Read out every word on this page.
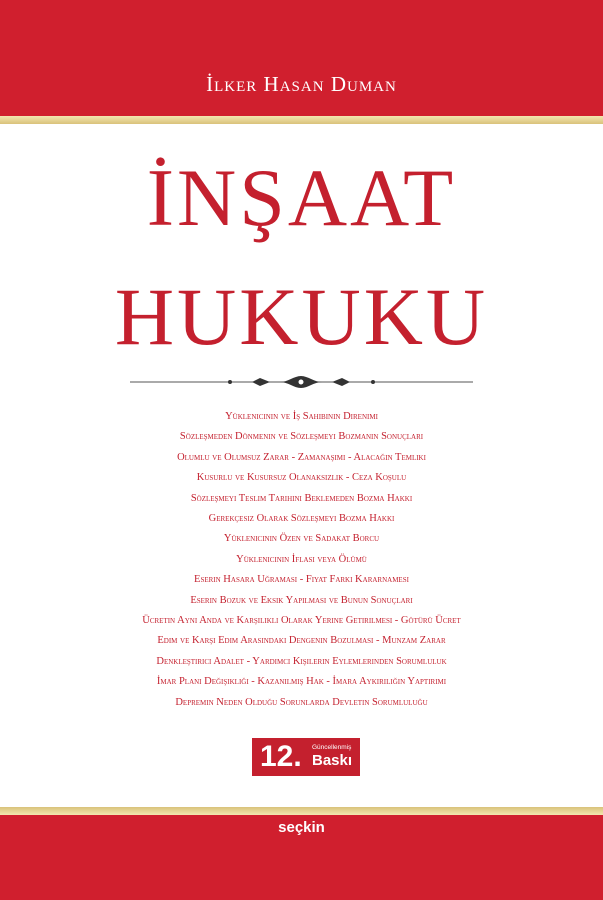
İlker Hasan Duman
İNŞAAT
HUKUKU
Yüklenicinin ve İş Sahibinin Direnimi
Sözleşmeden Dönmenin ve Sözleşmeyi Bozmanın Sonuçları
Olumlu ve Olumsuz Zarar - Zamanaşımı - Alacağın Temliki
Kusurlu ve Kusursuz Olanaksızlık - Ceza Koşulu
Sözleşmeyi Teslim Tarihini Beklemeden Bozma Hakkı
Gerekçesiz Olarak Sözleşmeyi Bozma Hakkı
Yüklenicinin Özen ve Sadakat Borcu
Yüklenicinin İflası veya Ölümü
Eserin Hasara Uğraması - Fiyat Farkı Kararnamesi
Eserin Bozuk ve Eksik Yapılması ve Bunun Sonuçları
Ücretin Aynı Anda ve Karşılıklı Olarak Yerine Getirilmesi - Götürü Ücret
Edim ve Karşı Edim Arasındaki Dengenin Bozulması - Munzam Zarar
Denkleştirici Adalet - Yardımcı Kişilerin Eylemlerinden Sorumluluk
İmar Planı Değişikliği - Kazanılmış Hak - İmara Aykırılığın Yaptırımı
Depremin Neden Olduğu Sorunlarda Devletin Sorumluluğu
12. Güncellenmiş
Baskı
seçkin
